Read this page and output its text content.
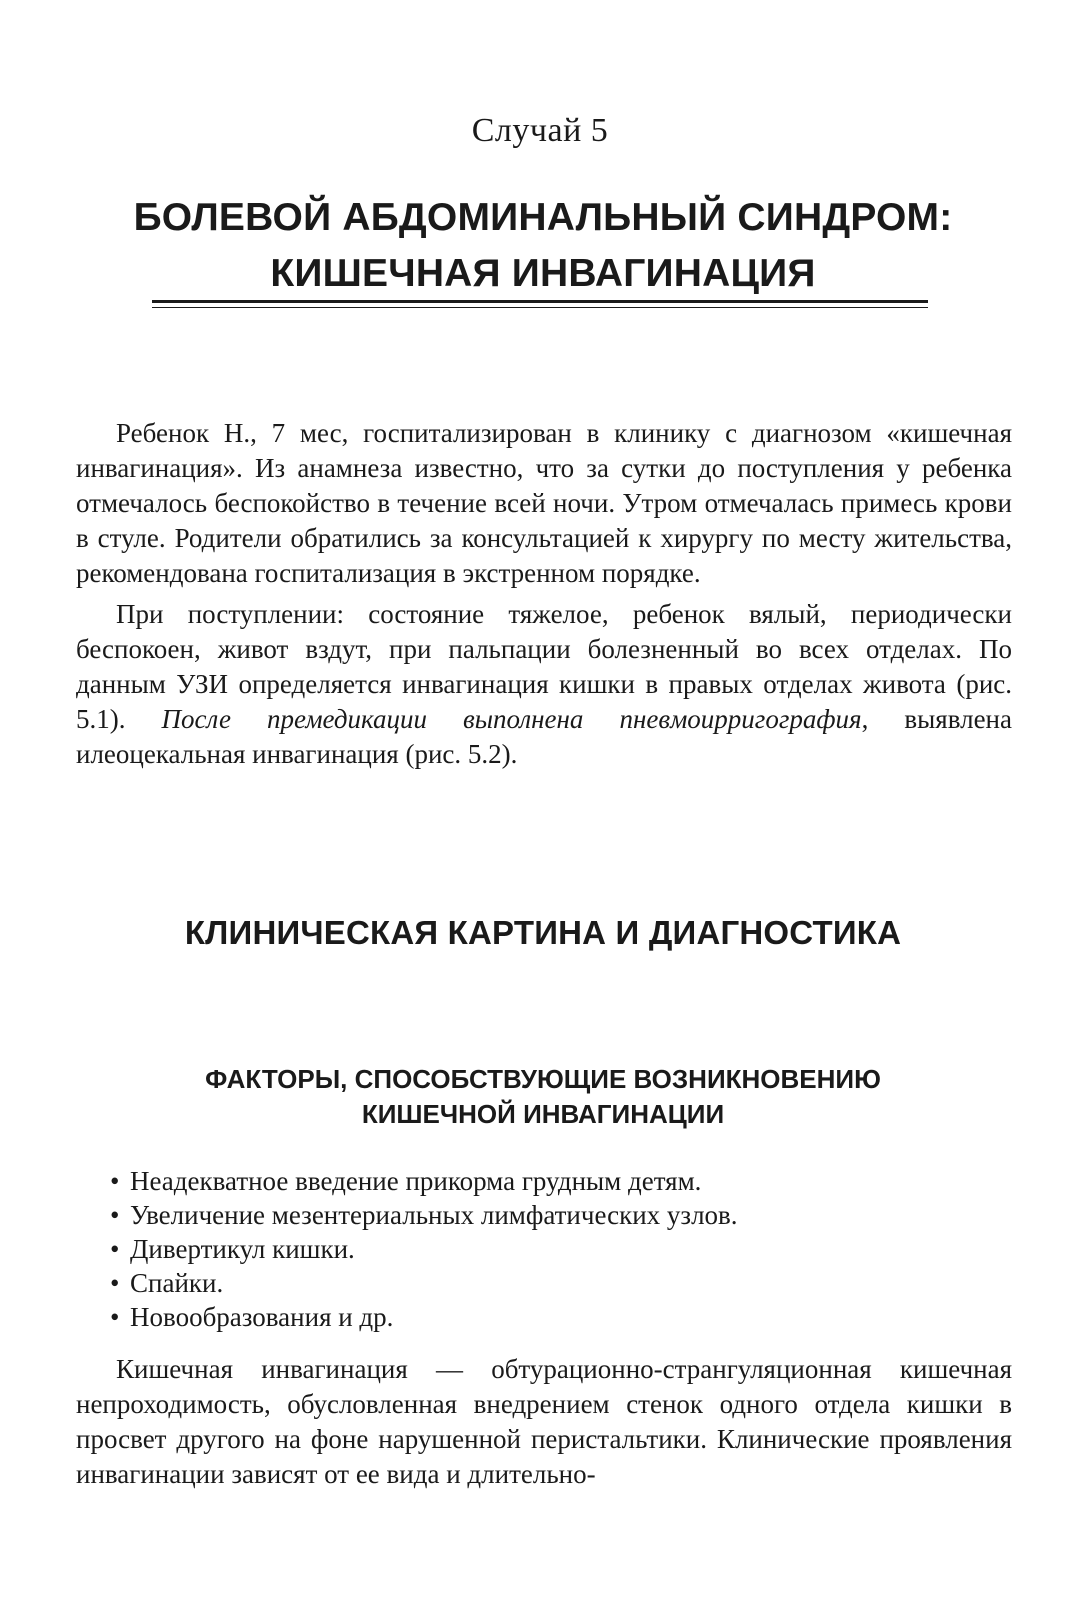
Случай 5
БОЛЕВОЙ АБДОМИНАЛЬНЫЙ СИНДРОМ:
КИШЕЧНАЯ ИНВАГИНАЦИЯ

Ребенок Н., 7 мес, госпитализирован в клинику с диагнозом «кишечная инвагинация». Из анамнеза известно, что за сутки до поступления у ребенка отмечалось беспокойство в течение всей ночи. Утром отмечалась примесь крови в стуле. Родители обратились за консультацией к хирургу по месту жительства, рекомендована госпитализация в экстренном порядке.

При поступлении: состояние тяжелое, ребенок вялый, периодически беспокоен, живот вздут, при пальпации болезненный во всех отделах. По данным УЗИ определяется инвагинация кишки в правых отделах живота (рис. 5.1). После премедикации выполнена пневмоирригография, выявлена илеоцекальная инвагинация (рис. 5.2).

КЛИНИЧЕСКАЯ КАРТИНА И ДИАГНОСТИКА
ФАКТОРЫ, СПОСОБСТВУЮЩИЕ ВОЗНИКНОВЕНИЮ
КИШЕЧНОЙ ИНВАГИНАЦИИ
• Неадекватное введение прикорма грудным детям.
• Увеличение мезентериальных лимфатических узлов.
• Дивертикул кишки.
• Спайки.
• Новообразования и др.

Кишечная инвагинация — обтурационно-странгуляционная кишечная непроходимость, обусловленная внедрением стенок одного отдела кишки в просвет другого на фоне нарушенной перистальтики. Клинические проявления инвагинации зависят от ее вида и длительно-
